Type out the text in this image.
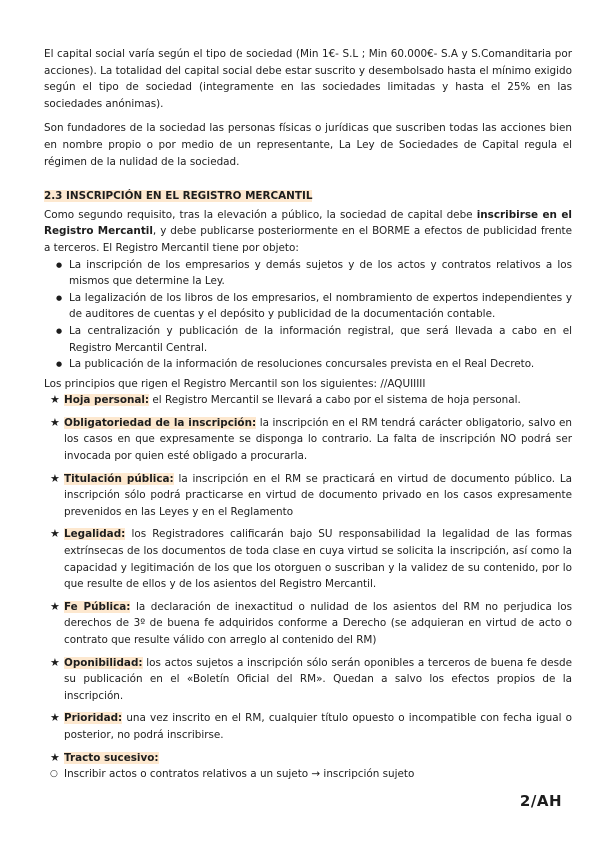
El capital social varía según el tipo de sociedad (Min 1€- S.L ; Min 60.000€- S.A y S.Comanditaria por acciones). La totalidad del capital social debe estar suscrito y desembolsado hasta el mínimo exigido según el tipo de sociedad (integramente en las sociedades limitadas y hasta el 25% en las sociedades anónimas).

Son fundadores de la sociedad las personas físicas o jurídicas que suscriben todas las acciones bien en nombre propio o por medio de un representante, La Ley de Sociedades de Capital regula el régimen de la nulidad de la sociedad.

2.3 INSCRIPCIÓN EN EL REGISTRO MERCANTIL

Como segundo requisito, tras la elevación a público, la sociedad de capital debe inscribirse en el Registro Mercantil, y debe publicarse posteriormente en el BORME a efectos de publicidad frente a terceros. El Registro Mercantil tiene por objeto:

● La inscripción de los empresarios y demás sujetos y de los actos y contratos relativos a los mismos que determine la Ley.
● La legalización de los libros de los empresarios, el nombramiento de expertos independientes y de auditores de cuentas y el depósito y publicidad de la documentación contable.
● La centralización y publicación de la información registral, que será llevada a cabo en el Registro Mercantil Central.
● La publicación de la información de resoluciones concursales prevista en el Real Decreto.

Los principios que rigen el Registro Mercantil son los siguientes: //AQUIIIII

★ Hoja personal: el Registro Mercantil se llevará a cabo por el sistema de hoja personal.
★ Obligatoriedad de la inscripción: la inscripción en el RM tendrá carácter obligatorio, salvo en los casos en que expresamente se disponga lo contrario. La falta de inscripción NO podrá ser invocada por quien esté obligado a procurarla.
★ Titulación pública: la inscripción en el RM se practicará en virtud de documento público. La inscripción sólo podrá practicarse en virtud de documento privado en los casos expresamente prevenidos en las Leyes y en el Reglamento
★ Legalidad: los Registradores calificarán bajo SU responsabilidad la legalidad de las formas extrínsecas de los documentos de toda clase en cuya virtud se solicita la inscripción, así como la capacidad y legitimación de los que los otorguen o suscriban y la validez de su contenido, por lo que resulte de ellos y de los asientos del Registro Mercantil.
★ Fe Pública: la declaración de inexactitud o nulidad de los asientos del RM no perjudica los derechos de 3º de buena fe adquiridos conforme a Derecho (se adquieran en virtud de acto o contrato que resulte válido con arreglo al contenido del RM)
★ Oponibilidad: los actos sujetos a inscripción sólo serán oponibles a terceros de buena fe desde su publicación en el «Boletín Oficial del RM». Quedan a salvo los efectos propios de la inscripción.
★ Prioridad: una vez inscrito en el RM, cualquier título opuesto o incompatible con fecha igual o posterior, no podrá inscribirse.
★ Tracto sucesivo:
○ Inscribir actos o contratos relativos a un sujeto → inscripción sujeto
2/AH
